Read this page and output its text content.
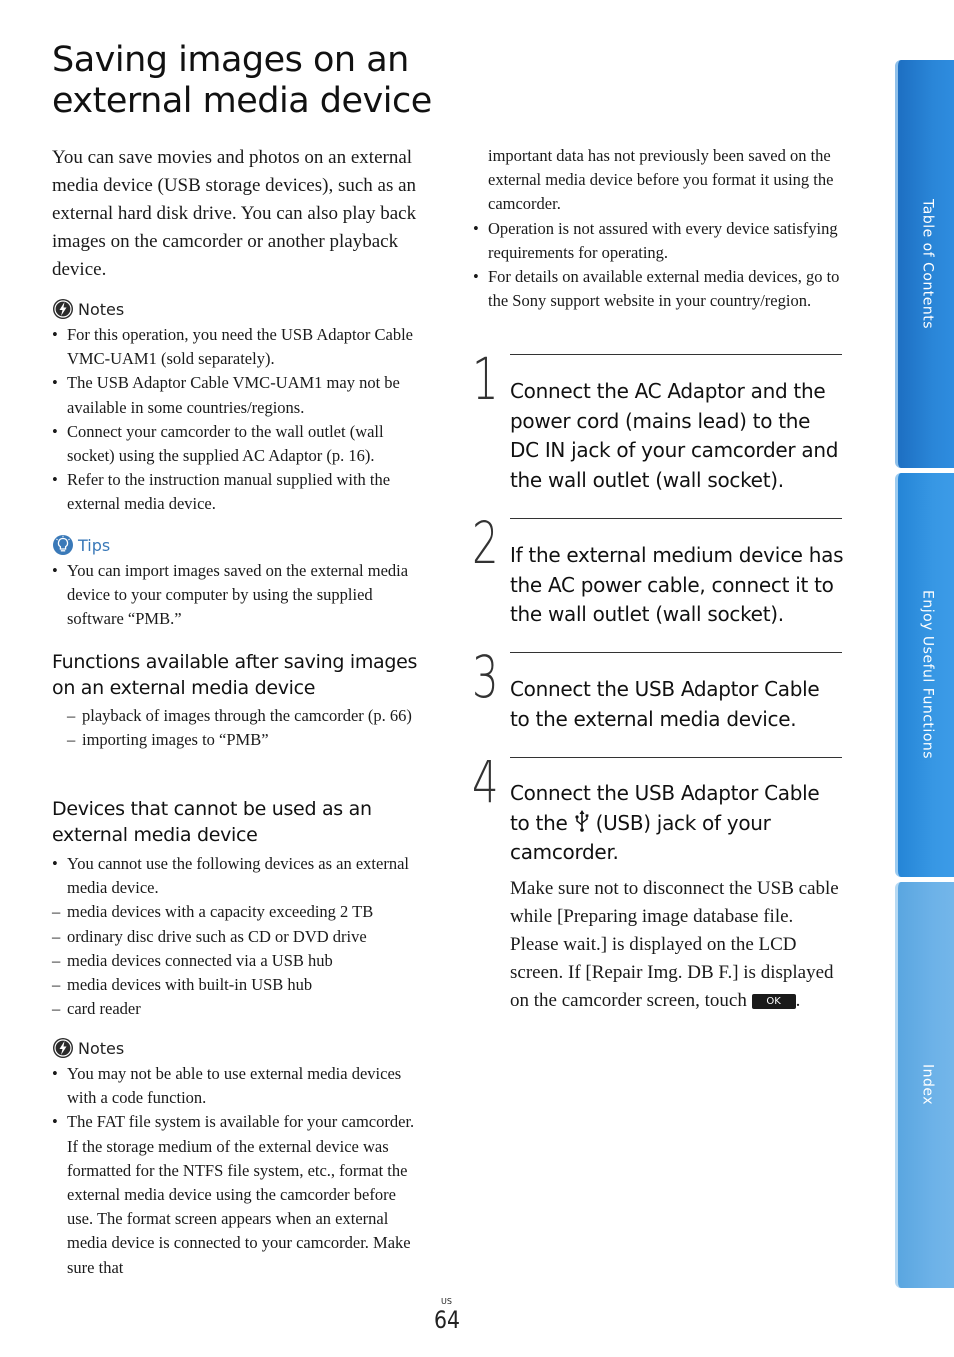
Saving images on an external media device

You can save movies and photos on an external media device (USB storage devices), such as an external hard disk drive. You can also play back images on the camcorder or another playback device.

Notes
• For this operation, you need the USB Adaptor Cable VMC-UAM1 (sold separately).
• The USB Adaptor Cable VMC-UAM1 may not be available in some countries/regions.
• Connect your camcorder to the wall outlet (wall socket) using the supplied AC Adaptor (p. 16).
• Refer to the instruction manual supplied with the external media device.
Tips
• You can import images saved on the external media device to your computer by using the supplied software “PMB.”
Functions available after saving images on an external media device
– playback of images through the camcorder (p. 66)
– importing images to “PMB”
Devices that cannot be used as an external media device
• You cannot use the following devices as an external media device.
– media devices with a capacity exceeding 2 TB
– ordinary disc drive such as CD or DVD drive
– media devices connected via a USB hub
– media devices with built-in USB hub
– card reader
Notes
• You may not be able to use external media devices with a code function.
• The FAT file system is available for your camcorder. If the storage medium of the external device was formatted for the NTFS file system, etc., format the external media device using the camcorder before use. The format screen appears when an external media device is connected to your camcorder. Make sure that
important data has not previously been saved on the external media device before you format it using the camcorder.
• Operation is not assured with every device satisfying requirements for operating.
• For details on available external media devices, go to the Sony support website in your country/region.
1 Connect the AC Adaptor and the power cord (mains lead) to the DC IN jack of your camcorder and the wall outlet (wall socket).

2 If the external medium device has the AC power cable, connect it to the wall outlet (wall socket).

3 Connect the USB Adaptor Cable to the external media device.

4 Connect the USB Adaptor Cable to the (USB) jack of your camcorder.

Make sure not to disconnect the USB cable while [Preparing image database file. Please wait.] is displayed on the LCD screen. If [Repair Img. DB F.] is displayed on the camcorder screen, touch OK .

Table of Contents
Enjoy Useful Functions
Index
US
64
